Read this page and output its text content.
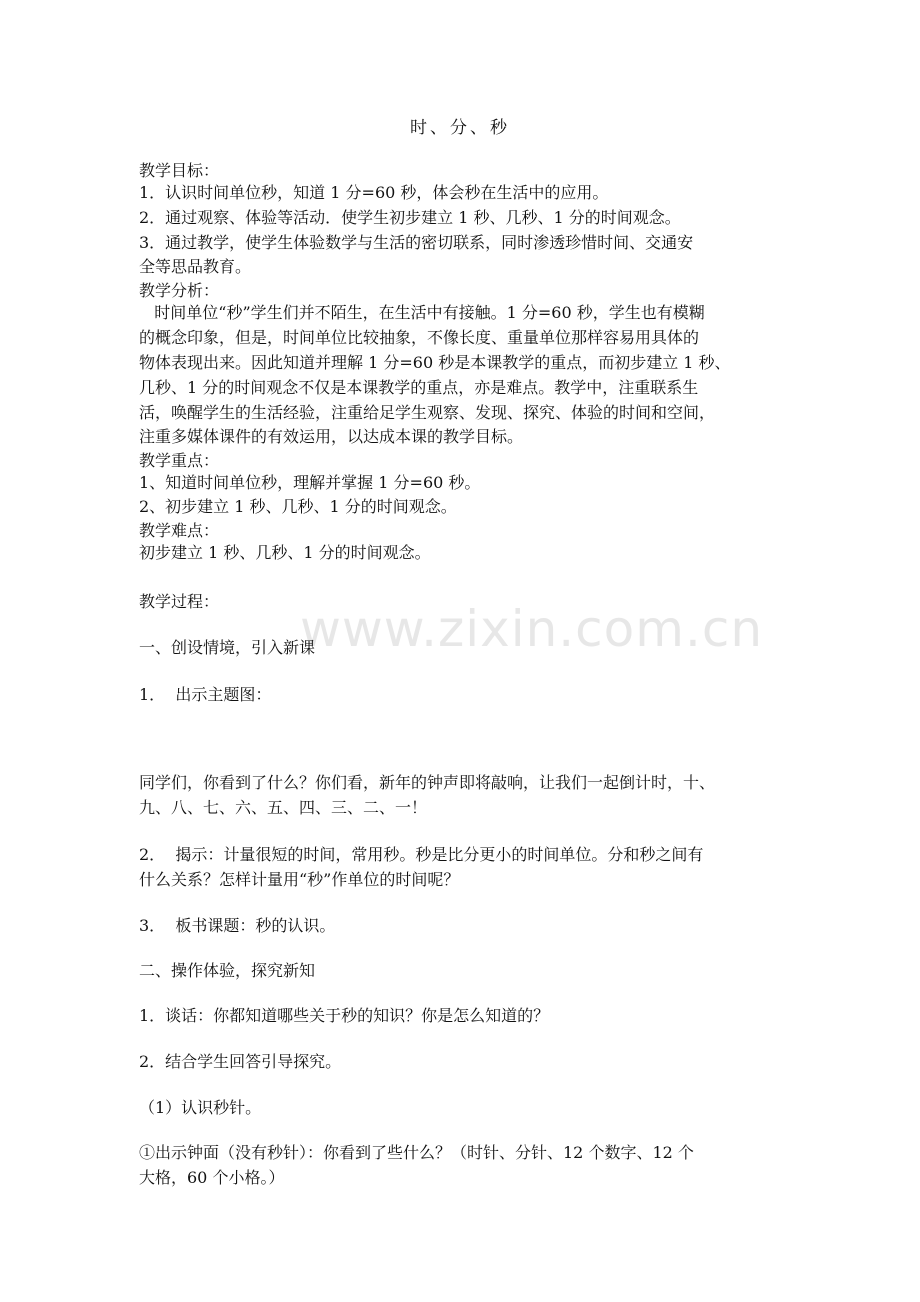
www.zixin.com.cn
时、分、秒
教学目标：
1．认识时间单位秒，知道 1 分=60 秒，体会秒在生活中的应用。
2．通过观察、体验等活动．使学生初步建立 1 秒、几秒、1 分的时间观念。
3．通过教学，使学生体验数学与生活的密切联系，同时渗透珍惜时间、交通安
全等思品教育。
教学分析：
时间单位“秒”学生们并不陌生，在生活中有接触。1 分=60 秒，学生也有模糊
的概念印象，但是，时间单位比较抽象，不像长度、重量单位那样容易用具体的
物体表现出来。因此知道并理解 1 分=60 秒是本课教学的重点，而初步建立 1 秒、
几秒、1 分的时间观念不仅是本课教学的重点，亦是难点。教学中，注重联系生
活，唤醒学生的生活经验，注重给足学生观察、发现、探究、体验的时间和空间，
注重多媒体课件的有效运用，以达成本课的教学目标。
教学重点：
1、知道时间单位秒，理解并掌握 1 分=60 秒。
2、初步建立 1 秒、几秒、1 分的时间观念。
教学难点：
初步建立 1 秒、几秒、1 分的时间观念。
教学过程：
一、创设情境，引入新课
1．  出示主题图：
同学们，你看到了什么？你们看，新年的钟声即将敲响，让我们一起倒计时，十、
九、八、七、六、五、四、三、二、一！
2．  揭示：计量很短的时间，常用秒。秒是比分更小的时间单位。分和秒之间有
什么关系？怎样计量用“秒”作单位的时间呢？
3．  板书课题：秒的认识。
二、操作体验，探究新知
1．谈话：你都知道哪些关于秒的知识？你是怎么知道的？
2．结合学生回答引导探究。
（1）认识秒针。
①出示钟面（没有秒针）：你看到了些什么？（时针、分针、12 个数字、12 个
大格，60 个小格。）
